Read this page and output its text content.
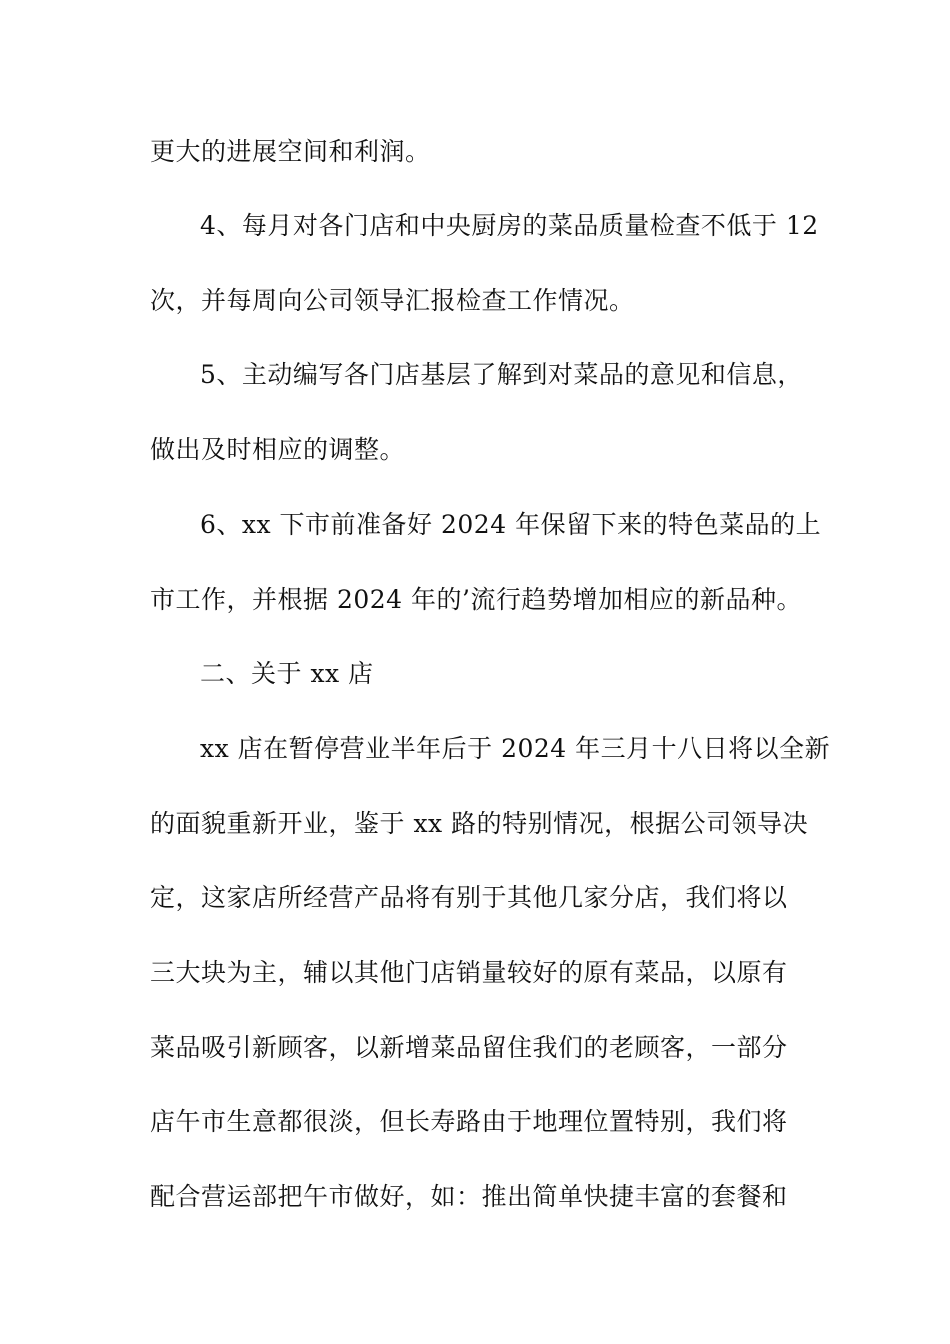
更大的进展空间和利润。
4、每月对各门店和中央厨房的菜品质量检查不低于 12
次，并每周向公司领导汇报检查工作情况。
5、主动编写各门店基层了解到对菜品的意见和信息，
做出及时相应的调整。
6、xx 下市前准备好 2024 年保留下来的特色菜品的上
市工作，并根据 2024 年的’流行趋势增加相应的新品种。
二、关于 xx 店
xx 店在暂停营业半年后于 2024 年三月十八日将以全新
的面貌重新开业，鉴于 xx 路的特别情况，根据公司领导决
定，这家店所经营产品将有别于其他几家分店，我们将以
三大块为主，辅以其他门店销量较好的原有菜品，以原有
菜品吸引新顾客，以新增菜品留住我们的老顾客，一部分
店午市生意都很淡，但长寿路由于地理位置特别，我们将
配合营运部把午市做好，如：推出简单快捷丰富的套餐和
